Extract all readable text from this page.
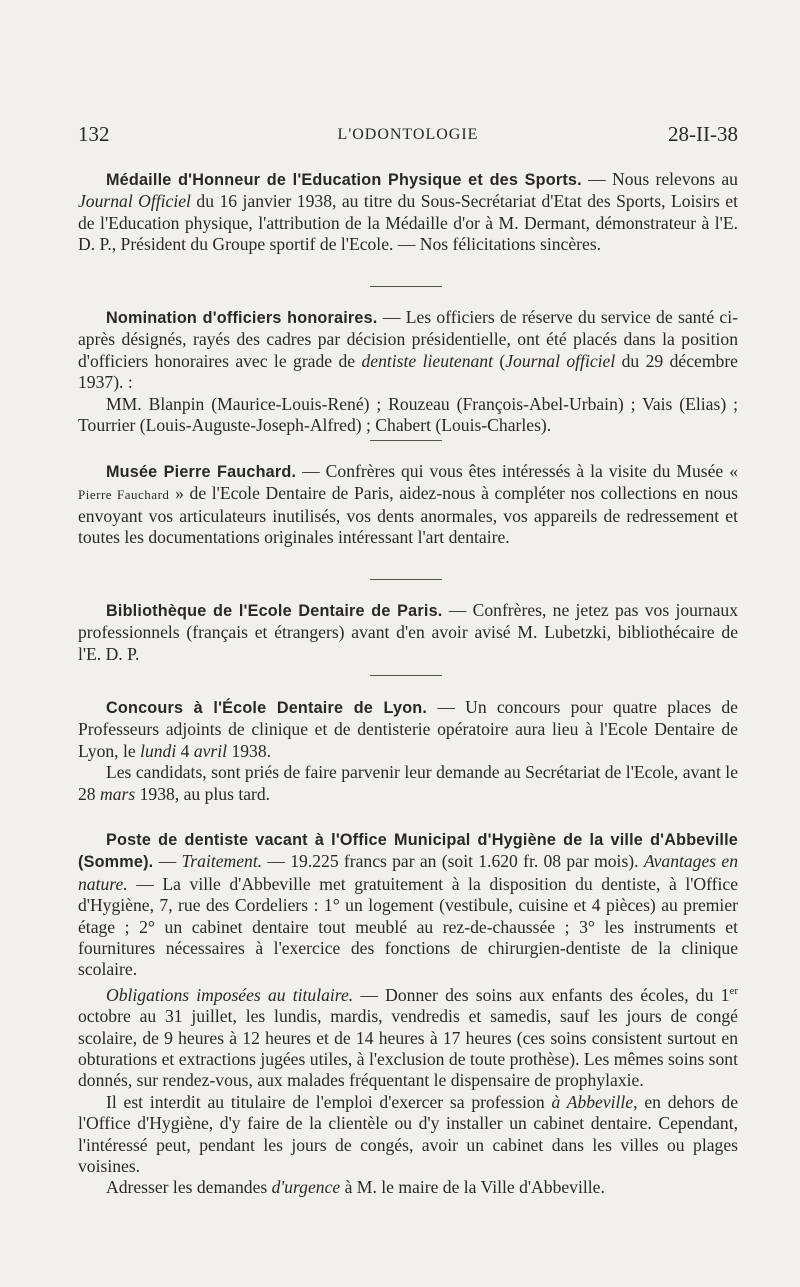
132	L'ODONTOLOGIE	28-II-38

Médaille d'Honneur de l'Education Physique et des Sports. — Nous relevons au Journal Officiel du 16 janvier 1938, au titre du Sous-Secrétariat d'Etat des Sports, Loisirs et de l'Education physique, l'attribution de la Médaille d'or à M. Dermant, démonstrateur à l'E. D. P., Président du Groupe sportif de l'Ecole. — Nos félicitations sincères.

Nomination d'officiers honoraires. — Les officiers de réserve du service de santé ci-après désignés, rayés des cadres par décision présidentielle, ont été placés dans la position d'officiers honoraires avec le grade de dentiste lieutenant (Journal officiel du 29 décembre 1937). :

MM. Blanpin (Maurice-Louis-René) ; Rouzeau (François-Abel-Urbain) ; Vais (Elias) ; Tourrier (Louis-Auguste-Joseph-Alfred) ; Chabert (Louis-Charles).

Musée Pierre Fauchard. — Confrères qui vous êtes intéressés à la visite du Musée « Pierre Fauchard » de l'Ecole Dentaire de Paris, aidez-nous à compléter nos collections en nous envoyant vos articulateurs inutilisés, vos dents anormales, vos appareils de redressement et toutes les documentations originales intéressant l'art dentaire.

Bibliothèque de l'Ecole Dentaire de Paris. — Confrères, ne jetez pas vos journaux professionnels (français et étrangers) avant d'en avoir avisé M. Lubetzki, bibliothécaire de l'E. D. P.

Concours à l'École Dentaire de Lyon. — Un concours pour quatre places de Professeurs adjoints de clinique et de dentisterie opératoire aura lieu à l'Ecole Dentaire de Lyon, le lundi 4 avril 1938.

Les candidats, sont priés de faire parvenir leur demande au Secrétariat de l'Ecole, avant le 28 mars 1938, au plus tard.

Poste de dentiste vacant à l'Office Municipal d'Hygiène de la ville d'Abbeville (Somme). — Traitement. — 19.225 francs par an (soit 1.620 fr. 08 par mois). Avantages en nature. — La ville d'Abbeville met gratuitement à la disposition du dentiste, à l'Office d'Hygiène, 7, rue des Cordeliers : 1° un logement (vestibule, cuisine et 4 pièces) au premier étage ; 2° un cabinet dentaire tout meublé au rez-de-chaussée ; 3° les instruments et fournitures nécessaires à l'exercice des fonctions de chirurgien-dentiste de la clinique scolaire.

Obligations imposées au titulaire. — Donner des soins aux enfants des écoles, du 1er octobre au 31 juillet, les lundis, mardis, vendredis et samedis, sauf les jours de congé scolaire, de 9 heures à 12 heures et de 14 heures à 17 heures (ces soins consistent surtout en obturations et extractions jugées utiles, à l'exclusion de toute prothèse). Les mêmes soins sont donnés, sur rendez-vous, aux malades fréquentant le dispensaire de prophylaxie.

Il est interdit au titulaire de l'emploi d'exercer sa profession à Abbeville, en dehors de l'Office d'Hygiène, d'y faire de la clientèle ou d'y installer un cabinet dentaire. Cependant, l'intéressé peut, pendant les jours de congés, avoir un cabinet dans les villes ou plages voisines.

Adresser les demandes d'urgence à M. le maire de la Ville d'Abbeville.
